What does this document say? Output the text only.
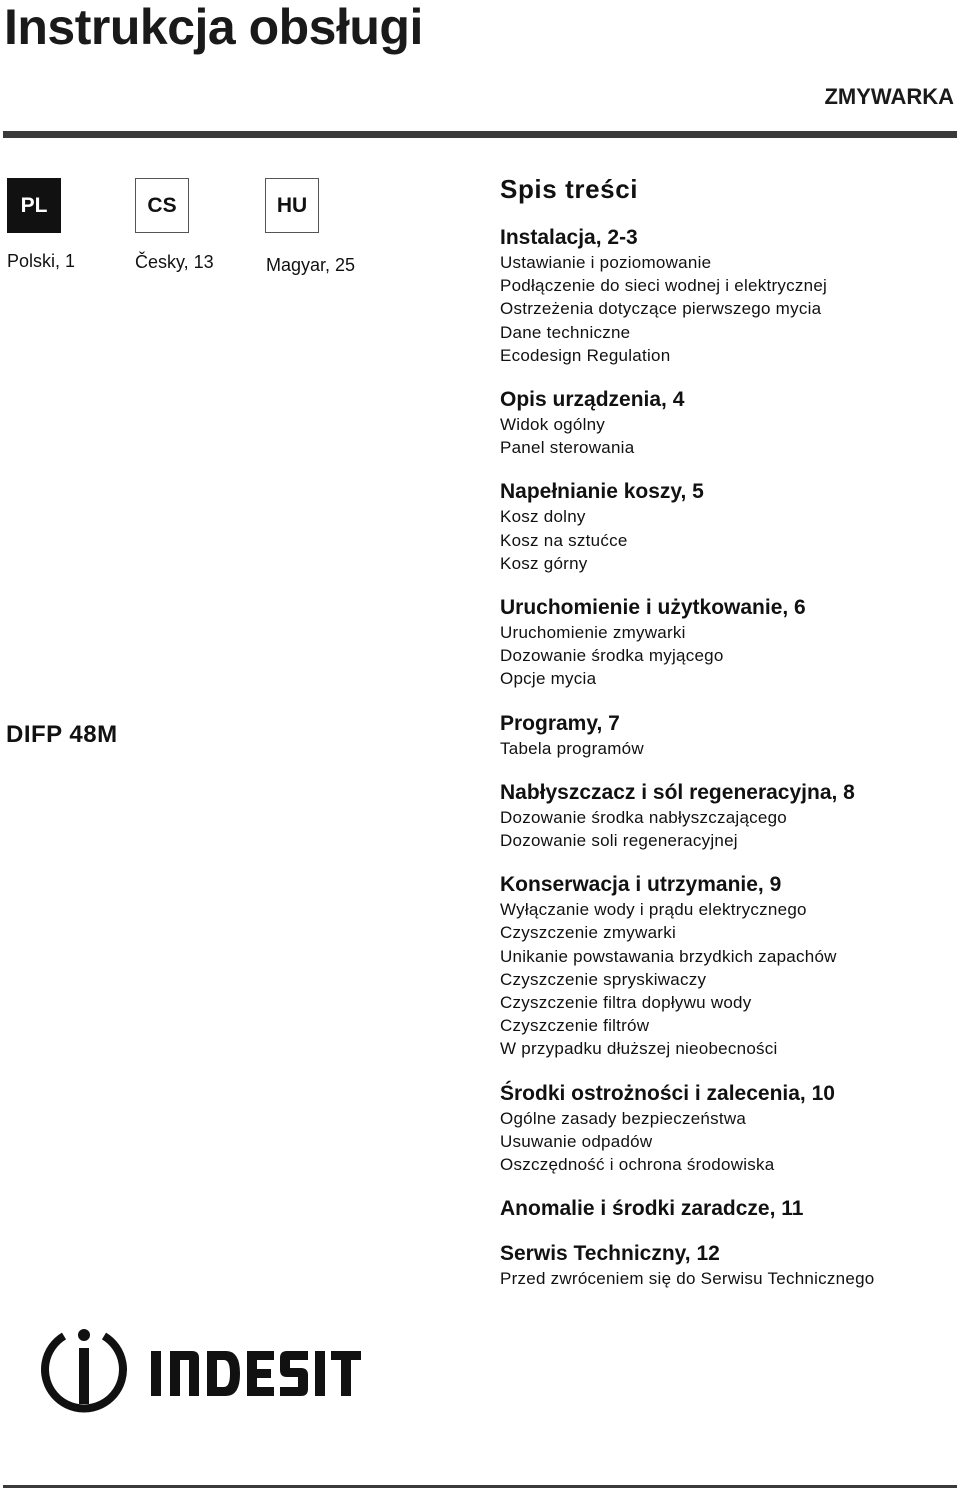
Instrukcja obsługi
ZMYWARKA
PL	CS	HU
Polski, 1	Česky, 13	Magyar, 25
DIFP 48M
Spis treści
Instalacja, 2-3
Ustawianie i poziomowanie
Podłączenie do sieci wodnej i elektrycznej
Ostrzeżenia dotyczące pierwszego mycia
Dane techniczne
Ecodesign Regulation
Opis urządzenia, 4
Widok ogólny
Panel sterowania
Napełnianie koszy, 5
Kosz dolny
Kosz na sztućce
Kosz górny
Uruchomienie i użytkowanie, 6
Uruchomienie zmywarki
Dozowanie środka myjącego
Opcje mycia
Programy, 7
Tabela programów
Nabłyszczacz i sól regeneracyjna, 8
Dozowanie środka nabłyszczającego
Dozowanie soli regeneracyjnej
Konserwacja i utrzymanie, 9
Wyłączanie wody i prądu elektrycznego
Czyszczenie zmywarki
Unikanie powstawania brzydkich zapachów
Czyszczenie spryskiwaczy
Czyszczenie filtra dopływu wody
Czyszczenie filtrów
W przypadku dłuższej nieobecności
Środki ostrożności i zalecenia, 10
Ogólne zasady bezpieczeństwa
Usuwanie odpadów
Oszczędność i ochrona środowiska
Anomalie i środki zaradcze, 11
Serwis Techniczny, 12
Przed zwróceniem się do Serwisu Technicznego
